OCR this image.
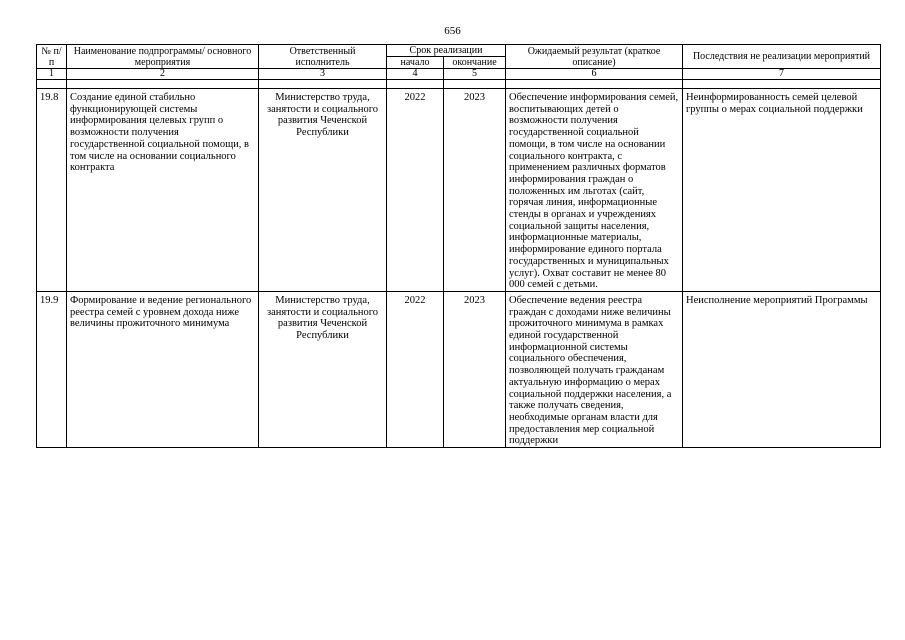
656
№ п/п	Наименование подпрограммы/ основного мероприятия	Ответственный исполнитель	Срок реализации		Ожидаемый результат (краткое описание)	Последствия не реализации мероприятий
			начало	окончание		
1	2	3	4	5	6	7

19.8	Создание единой стабильно функционирующей системы информирования целевых групп о возможности получения государственной социальной помощи, в том числе на основании социального контракта	Министерство труда, занятости и социального развития Чеченской Республики	2022	2023	Обеспечение информирования семей, воспитывающих детей о возможности получения государственной социальной помощи, в том числе на основании социального контракта, с применением различных форматов информирования граждан о положенных им льготах (сайт, горячая линия, информационные стенды в органах и учреждениях социальной защиты населения, информационные материалы, информирование единого портала государственных и муниципальных услуг). Охват составит не менее 80 000 семей с детьми.	Неинформированность семей целевой группы о мерах социальной поддержки
19.9	Формирование и ведение регионального реестра семей с уровнем дохода ниже величины прожиточного минимума	Министерство труда, занятости и социального развития Чеченской Республики	2022	2023	Обеспечение ведения реестра граждан с доходами ниже величины прожиточного минимума в рамках единой государственной информационной системы социального обеспечения, позволяющей получать гражданам актуальную информацию о мерах социальной поддержки населения, а также получать сведения, необходимые органам власти для предоставления мер социальной поддержки	Неисполнение мероприятий Программы
